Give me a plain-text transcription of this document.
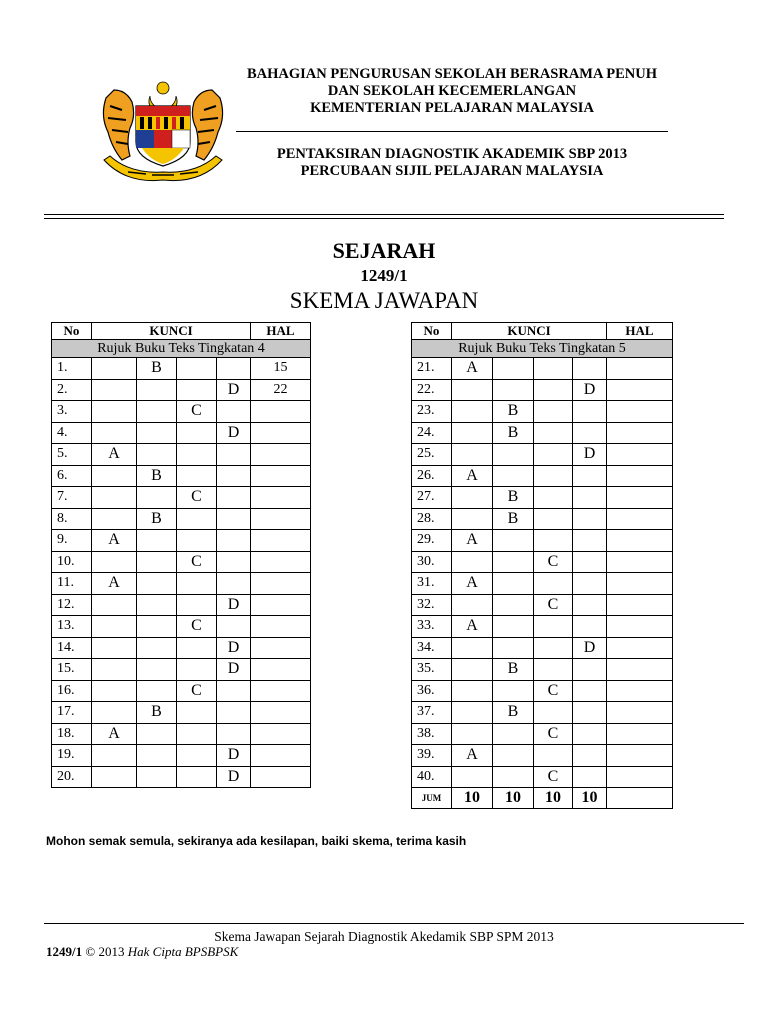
BAHAGIAN PENGURUSAN SEKOLAH BERASRAMA PENUH
DAN SEKOLAH KECEMERLANGAN
KEMENTERIAN PELAJARAN MALAYSIA
PENTAKSIRAN DIAGNOSTIK AKADEMIK SBP 2013
PERCUBAAN SIJIL PELAJARAN MALAYSIA
SEJARAH
1249/1
SKEMA JAWAPAN
No	KUNCI				HAL
Rujuk Buku Teks Tingkatan 4					
1.		B			15
2.				D	22
3.			C		
4.				D	
5.	A				
6.		B			
7.			C		
8.		B			
9.	A				
10.			C		
11.	A				
12.				D	
13.			C		
14.				D	
15.				D	
16.			C		
17.		B			
18.	A				
19.				D	
20.				D	
No	KUNCI				HAL
Rujuk Buku Teks Tingkatan 5					
21.	A				
22.				D	
23.		B			
24.		B			
25.				D	
26.	A				
27.		B			
28.		B			
29.	A				
30.			C		
31.	A				
32.			C		
33.	A				
34.				D	
35.		B			
36.			C		
37.		B			
38.			C		
39.	A				
40.			C		
JUM	10	10	10	10	
Mohon semak semula, sekiranya ada kesilapan, baiki skema, terima kasih
Skema Jawapan Sejarah Diagnostik Akedamik SBP SPM 2013
1249/1 © 2013 Hak Cipta BPSBPSK
